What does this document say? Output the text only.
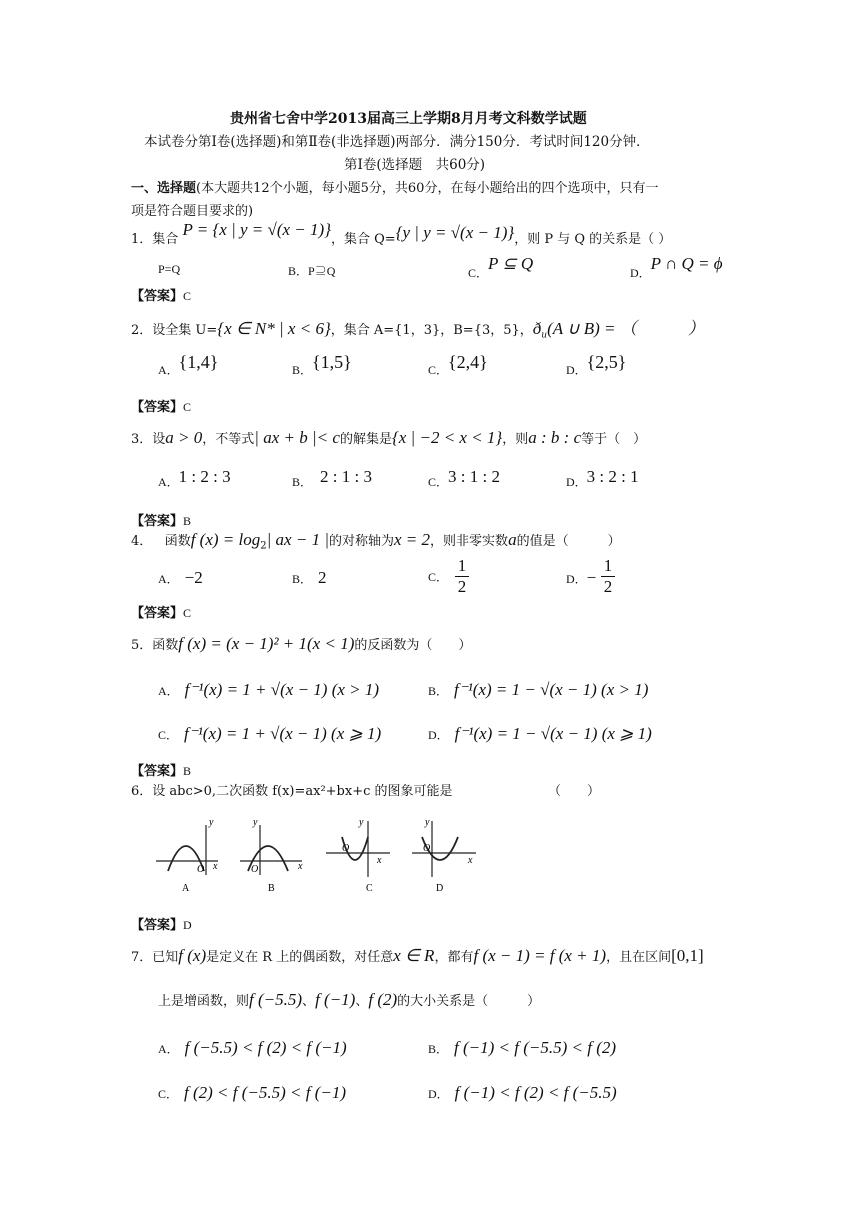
贵州省七舍中学2013届高三上学期8月月考文科数学试题
本试卷分第Ⅰ卷(选择题)和第Ⅱ卷(非选择题)两部分．满分150分．考试时间120分钟．
第Ⅰ卷(选择题　共60分)
一、选择题(本大题共12个小题，每小题5分，共60分，在每小题给出的四个选项中，只有一
项是符合题目要求的)
1．集合 P = {x | y = √(x − 1)}，集合 Q={y | y = √(x − 1)}，则 P 与 Q 的关系是（ ）
P=Q	B．P⊇Q	C．P ⊆ Q	D．P ∩ Q = ϕ
【答案】C
2．设全集 U={x ∈ N* | x < 6}，集合 A={1，3}，B={3，5}，$ð_u(A$ ∪ B) = （　　　）
A．{1,4}	B．{1,5}	C．{2,4}	D．{2,5}
【答案】C
3．设a > 0，不等式| ax + b |< c的解集是{x | −2 < x < 1}，则a : b : c等于（　）
A．1 : 2 : 3	B． 2 : 1 : 3	C．3 : 1 : 2	D．3 : 2 : 1
【答案】B
4． 函数f $(x) = \log_2|$ ax − 1 |的对称轴为x = 2，则非零实数a的值是（　　　）
A． −2	B． 2	C．
1
2	D．−
1
2
【答案】C
5．函数f (x) = (x − 1)² + 1(x < 1)的反函数为（　　）
A． f⁻¹(x) = 1 + √(x − 1) (x > 1)	B． f⁻¹(x) = 1 − √(x − 1) (x > 1)
C． f⁻¹(x) = 1 + √(x − 1) (x ⩾ 1)	D． f⁻¹(x) = 1 − √(x − 1) (x ⩾ 1)
【答案】B
6．设 abc>0,二次函数 f(x)=ax²+bx+c 的图象可能是	（　　）
y
x
O
A
y
x
O
B
y
x
O
C
y
x
O
D
【答案】D
7．已知f (x)是定义在 R 上的偶函数，对任意x ∈ R，都有f (x − 1) = f (x + 1)，且在区间[0,1]
上是增函数，则f (−5.5)、f (−1)、f (2)的大小关系是（　　　）
A． f (−5.5) < f (2) < f (−1)	B． f (−1) < f (−5.5) < f (2)
C． f (2) < f (−5.5) < f (−1)	D． f (−1) < f (2) < f (−5.5)
